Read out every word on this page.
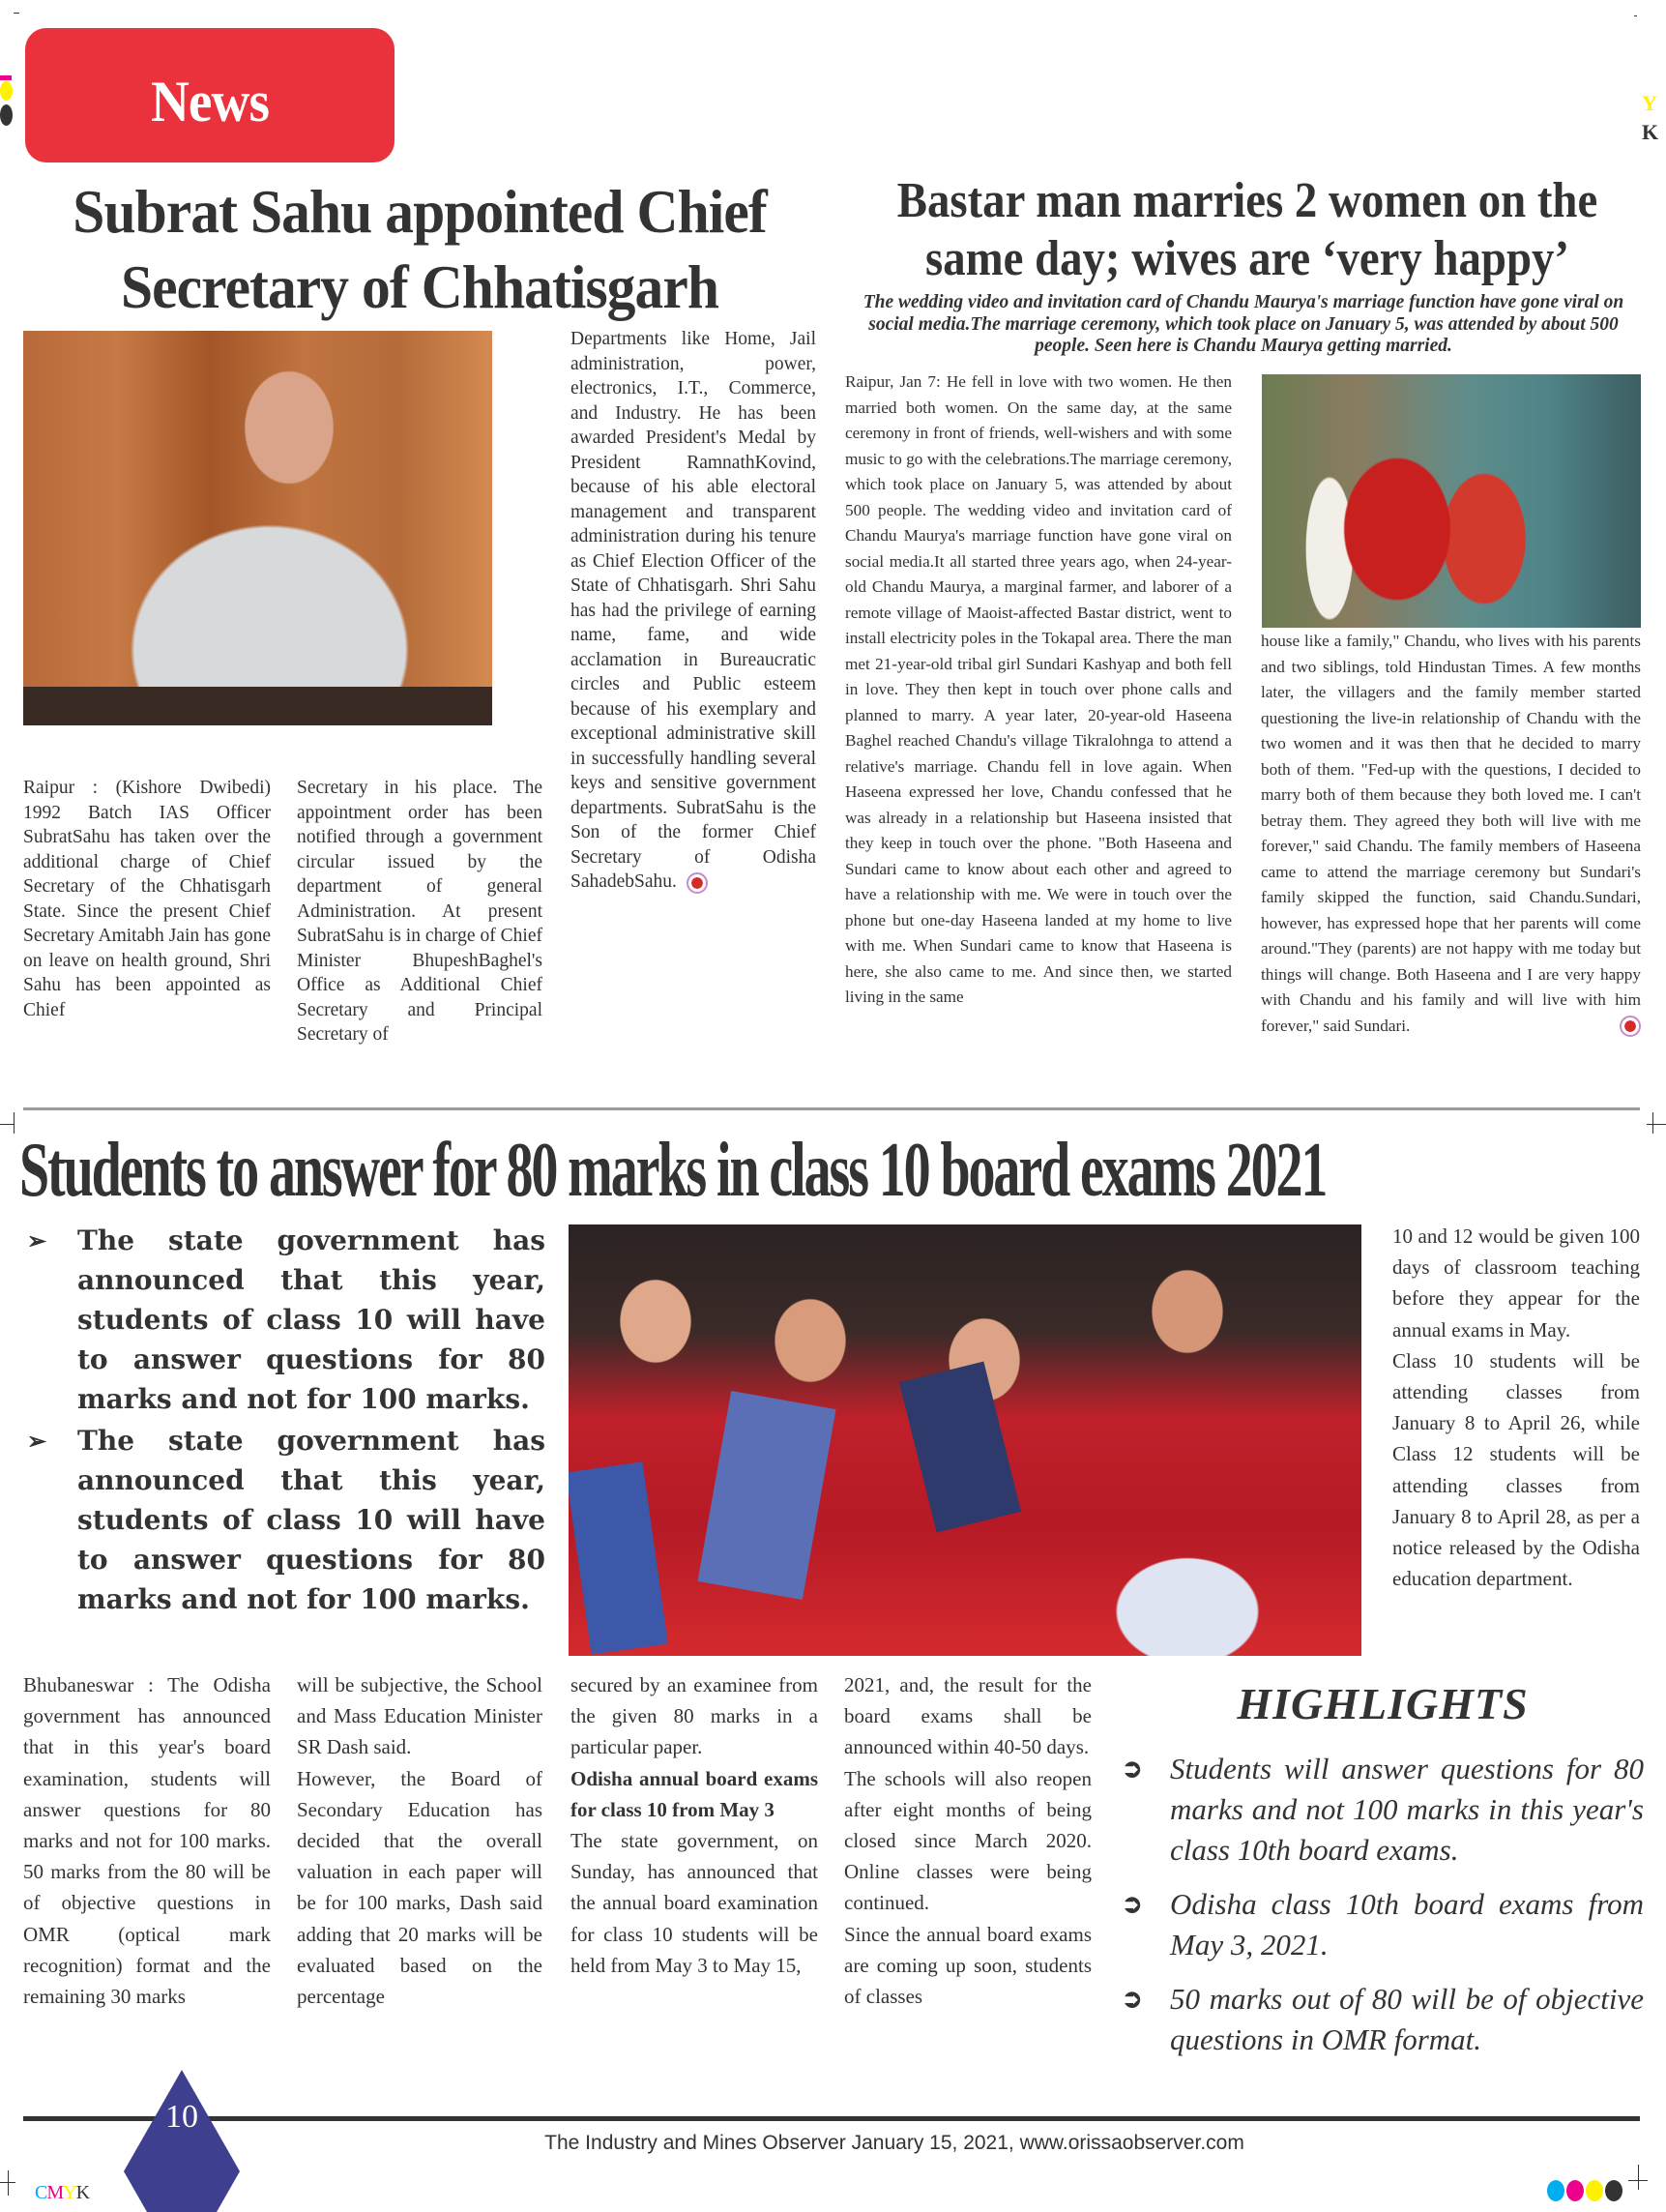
Y
K
News
Subrat Sahu appointed Chief Secretary of Chhatisgarh

Raipur : (Kishore Dwibedi) 1992 Batch IAS Officer SubratSahu has taken over the additional charge of Chief Secretary of the Chhatisgarh State. Since the present Chief Secretary Amitabh Jain has gone on leave on health ground, Shri Sahu has been appointed as Chief

Secretary in his place. The appointment order has been notified through a government circular issued by the department of general Administration. At present SubratSahu is in charge of Chief Minister BhupeshBaghel's Office as Additional Chief Secretary and Principal Secretary of

Departments like Home, Jail administration, power, electronics, I.T., Commerce, and Industry. He has been awarded President's Medal by President RamnathKovind, because of his able electoral management and transparent administration during his tenure as Chief Election Officer of the State of Chhatisgarh. Shri Sahu has had the privilege of earning name, fame, and wide acclamation in Bureaucratic circles and Public esteem because of his exemplary and exceptional administrative skill in successfully handling several keys and sensitive government departments. SubratSahu is the Son of the former Chief Secretary of Odisha SahadebSahu.

Bastar man marries 2 women on the same day; wives are ‘very happy’

The wedding video and invitation card of Chandu Maurya's marriage function have gone viral on social media.The marriage ceremony, which took place on January 5, was attended by about 500 people. Seen here is Chandu Maurya getting married.

Raipur, Jan 7: He fell in love with two women. He then married both women. On the same day, at the same ceremony in front of friends, well-wishers and with some music to go with the celebrations.The marriage ceremony, which took place on January 5, was attended by about 500 people. The wedding video and invitation card of Chandu Maurya's marriage function have gone viral on social media.It all started three years ago, when 24-year-old Chandu Maurya, a marginal farmer, and laborer of a remote village of Maoist-affected Bastar district, went to install electricity poles in the Tokapal area. There the man met 21-year-old tribal girl Sundari Kashyap and both fell in love. They then kept in touch over phone calls and planned to marry. A year later, 20-year-old Haseena Baghel reached Chandu's village Tikralohnga to attend a relative's marriage. Chandu fell in love again. When Haseena expressed her love, Chandu confessed that he was already in a relationship but Haseena insisted that they keep in touch over the phone. "Both Haseena and Sundari came to know about each other and agreed to have a relationship with me. We were in touch over the phone but one-day Haseena landed at my home to live with me. When Sundari came to know that Haseena is here, she also came to me. And since then, we started living in the same

house like a family," Chandu, who lives with his parents and two siblings, told Hindustan Times. A few months later, the villagers and the family member started questioning the live-in relationship of Chandu with the two women and it was then that he decided to marry both of them. "Fed-up with the questions, I decided to marry both of them because they both loved me. I can't betray them. They agreed they both will live with me forever," said Chandu. The family members of Haseena came to attend the marriage ceremony but Sundari's family skipped the function, said Chandu.Sundari, however, has expressed hope that her parents will come around."They (parents) are not happy with me today but things will change. Both Haseena and I are very happy with Chandu and his family and will live with him forever," said Sundari.

Students to answer for 80 marks in class 10 board exams 2021
➢ The state government has announced that this year, students of class 10 will have to answer questions for 80 marks and not for 100 marks.
➢ The state government has announced that this year, students of class 10 will have to answer questions for 80 marks and not for 100 marks.

10 and 12 would be given 100 days of classroom teaching before they appear for the annual exams in May.

Class 10 students will be attending classes from January 8 to April 26, while Class 12 students will be attending classes from January 8 to April 28, as per a notice released by the Odisha education department.

Bhubaneswar : The Odisha government has announced that in this year's board examination, students will answer questions for 80 marks and not for 100 marks. 50 marks from the 80 will be of objective questions in OMR (optical mark recognition) format and the remaining 30 marks

will be subjective, the School and Mass Education Minister SR Dash said.

However, the Board of Secondary Education has decided that the overall valuation in each paper will be for 100 marks, Dash said adding that 20 marks will be evaluated based on the percentage

secured by an examinee from the given 80 marks in a particular paper.

Odisha annual board exams for class 10 from May 3

The state government, on Sunday, has announced that the annual board examination for class 10 students will be held from May 3 to May 15,

2021, and, the result for the board exams shall be announced within 40-50 days.

The schools will also reopen after eight months of being closed since March 2020. Online classes were being continued.

Since the annual board exams are coming up soon, students of classes

HIGHLIGHTS
➲ Students will answer questions for 80 marks and not 100 marks in this year's class 10th board exams.
➲ Odisha class 10th board exams from May 3, 2021.
➲ 50 marks out of 80 will be of objective questions in OMR format.
10
The Industry and Mines Observer January 15, 2021, www.orissaobserver.com
CMYK
